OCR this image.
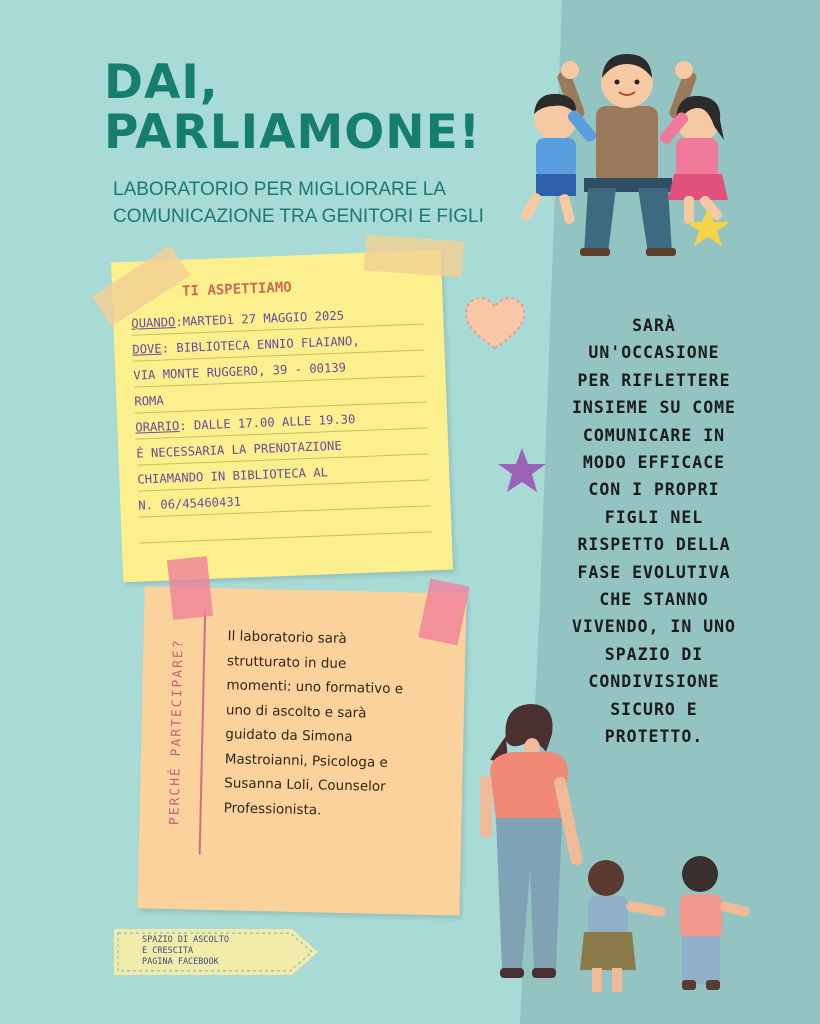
DAI,
PARLIAMONE!

LABORATORIO PER MIGLIORARE LA
COMUNICAZIONE TRA GENITORI E FIGLI

TI ASPETTIAMO
QUANDO:MARTEDì 27 MAGGIO 2025
DOVE: BIBLIOTECA ENNIO FLAIANO,
VIA MONTE RUGGERO, 39 - 00139
ROMA
ORARIO: DALLE 17.00 ALLE 19.30
É NECESSARIA LA PRENOTAZIONE
CHIAMANDO IN BIBLIOTECA AL
N. 06/45460431
PERCHÉ PARTECIPARE?
Il laboratorio sarà
strutturato in due
momenti: uno formativo e
uno di ascolto e sarà
guidato da Simona
Mastroianni, Psicologa e
Susanna Loli, Counselor
Professionista.

SARÀ
UN'OCCASIONE
PER RIFLETTERE
INSIEME SU COME
COMUNICARE IN
MODO EFFICACE
CON I PROPRI
FIGLI NEL
RISPETTO DELLA
FASE EVOLUTIVA
CHE STANNO
VIVENDO, IN UNO
SPAZIO DI
CONDIVISIONE
SICURO E
PROTETTO.

SPAZIO DI ASCOLTO
E CRESCITA
PAGINA FACEBOOK
